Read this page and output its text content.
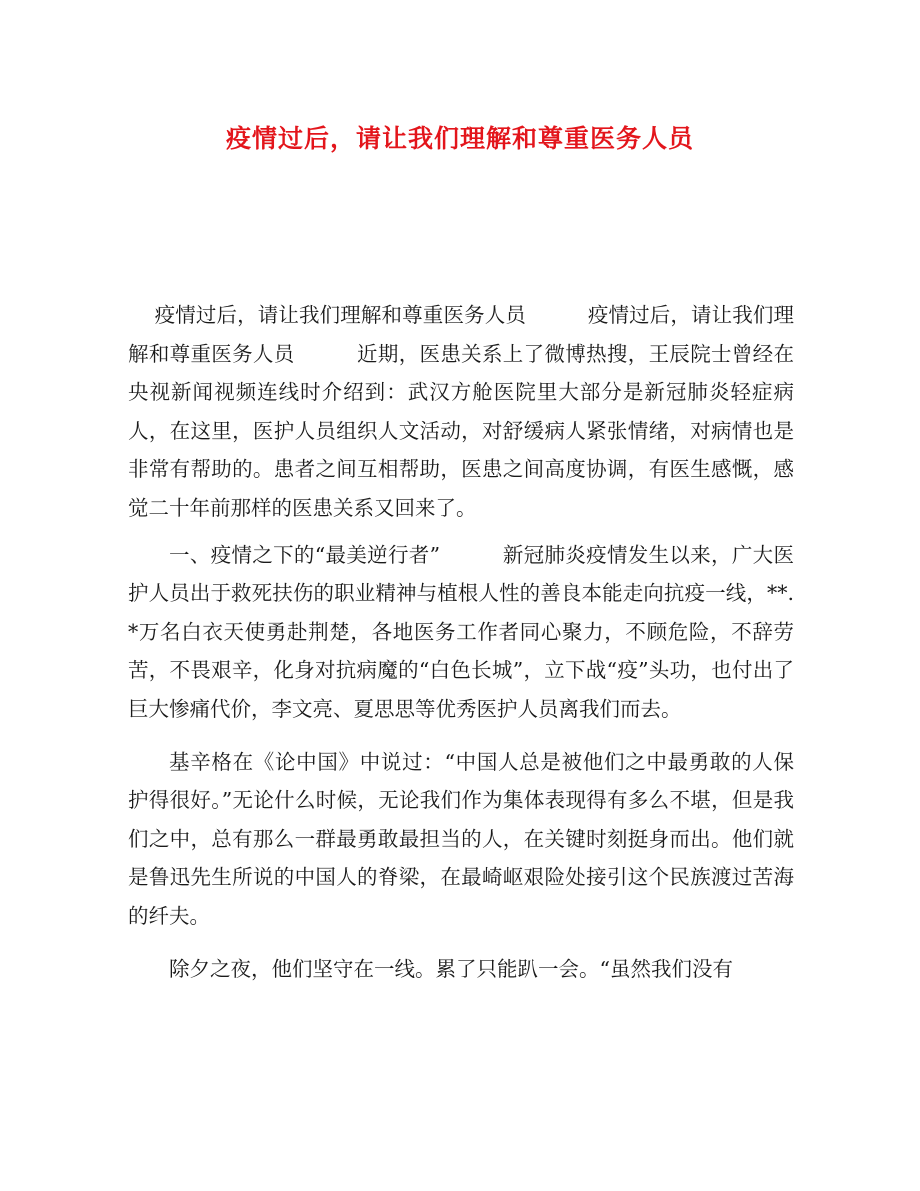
疫情过后，请让我们理解和尊重医务人员

疫情过后，请让我们理解和尊重医务人员　　　疫情过后，请让我们理解和尊重医务人员　　　近期，医患关系上了微博热搜，王辰院士曾经在央视新闻视频连线时介绍到：武汉方舱医院里大部分是新冠肺炎轻症病人，在这里，医护人员组织人文活动，对舒缓病人紧张情绪，对病情也是非常有帮助的。患者之间互相帮助，医患之间高度协调，有医生感慨，感觉二十年前那样的医患关系又回来了。

一、疫情之下的“最美逆行者”　　　新冠肺炎疫情发生以来，广大医护人员出于救死扶伤的职业精神与植根人性的善良本能走向抗疫一线，**.*万名白衣天使勇赴荆楚，各地医务工作者同心聚力，不顾危险，不辞劳苦，不畏艰辛，化身对抗病魔的“白色长城”，立下战“疫”头功，也付出了巨大惨痛代价，李文亮、夏思思等优秀医护人员离我们而去。

基辛格在《论中国》中说过：“中国人总是被他们之中最勇敢的人保护得很好。”无论什么时候，无论我们作为集体表现得有多么不堪，但是我们之中，总有那么一群最勇敢最担当的人，在关键时刻挺身而出。他们就是鲁迅先生所说的中国人的脊梁，在最崎岖艰险处接引这个民族渡过苦海的纤夫。

除夕之夜，他们坚守在一线。累了只能趴一会。“虽然我们没有
